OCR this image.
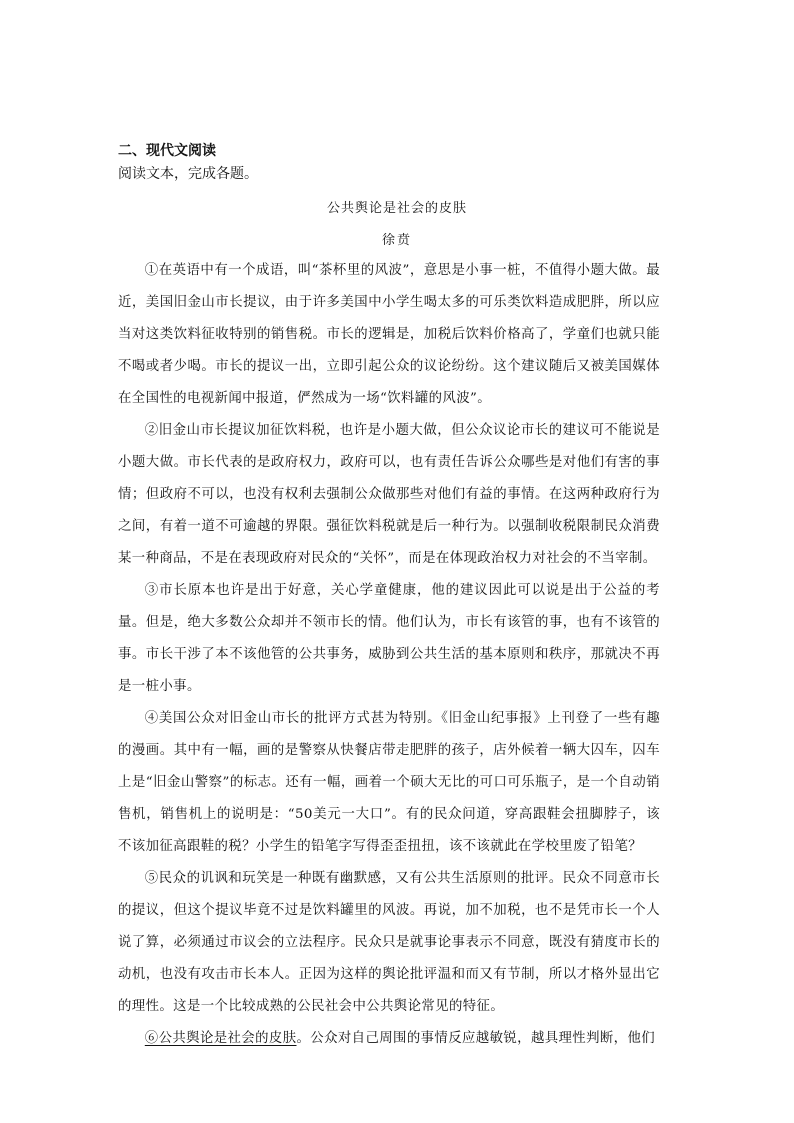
二、现代文阅读

阅读文本，完成各题。

公共舆论是社会的皮肤

徐贲

①在英语中有一个成语，叫“茶杯里的风波”，意思是小事一桩，不值得小题大做。最近，美国旧金山市长提议，由于许多美国中小学生喝太多的可乐类饮料造成肥胖，所以应当对这类饮料征收特别的销售税。市长的逻辑是，加税后饮料价格高了，学童们也就只能不喝或者少喝。市长的提议一出，立即引起公众的议论纷纷。这个建议随后又被美国媒体在全国性的电视新闻中报道，俨然成为一场“饮料罐的风波”。

②旧金山市长提议加征饮料税，也许是小题大做，但公众议论市长的建议可不能说是小题大做。市长代表的是政府权力，政府可以，也有责任告诉公众哪些是对他们有害的事情；但政府不可以，也没有权利去强制公众做那些对他们有益的事情。在这两种政府行为之间，有着一道不可逾越的界限。强征饮料税就是后一种行为。以强制收税限制民众消费某一种商品，不是在表现政府对民众的“关怀”，而是在体现政治权力对社会的不当宰制。

③市长原本也许是出于好意，关心学童健康，他的建议因此可以说是出于公益的考量。但是，绝大多数公众却并不领市长的情。他们认为，市长有该管的事，也有不该管的事。市长干涉了本不该他管的公共事务，威胁到公共生活的基本原则和秩序，那就决不再是一桩小事。

④美国公众对旧金山市长的批评方式甚为特别。《旧金山纪事报》上刊登了一些有趣的漫画。其中有一幅，画的是警察从快餐店带走肥胖的孩子，店外候着一辆大囚车，囚车上是“旧金山警察”的标志。还有一幅，画着一个硕大无比的可口可乐瓶子，是一个自动销售机，销售机上的说明是：“50美元一大口”。有的民众问道，穿高跟鞋会扭脚脖子，该不该加征高跟鞋的税？小学生的铅笔字写得歪歪扭扭，该不该就此在学校里废了铅笔？

⑤民众的讥讽和玩笑是一种既有幽默感，又有公共生活原则的批评。民众不同意市长的提议，但这个提议毕竟不过是饮料罐里的风波。再说，加不加税，也不是凭市长一个人说了算，必须通过市议会的立法程序。民众只是就事论事表示不同意，既没有猜度市长的动机，也没有攻击市长本人。正因为这样的舆论批评温和而又有节制，所以才格外显出它的理性。这是一个比较成熟的公民社会中公共舆论常见的特征。

⑥公共舆论是社会的皮肤。公众对自己周围的事情反应越敏锐，越具理性判断，他们
